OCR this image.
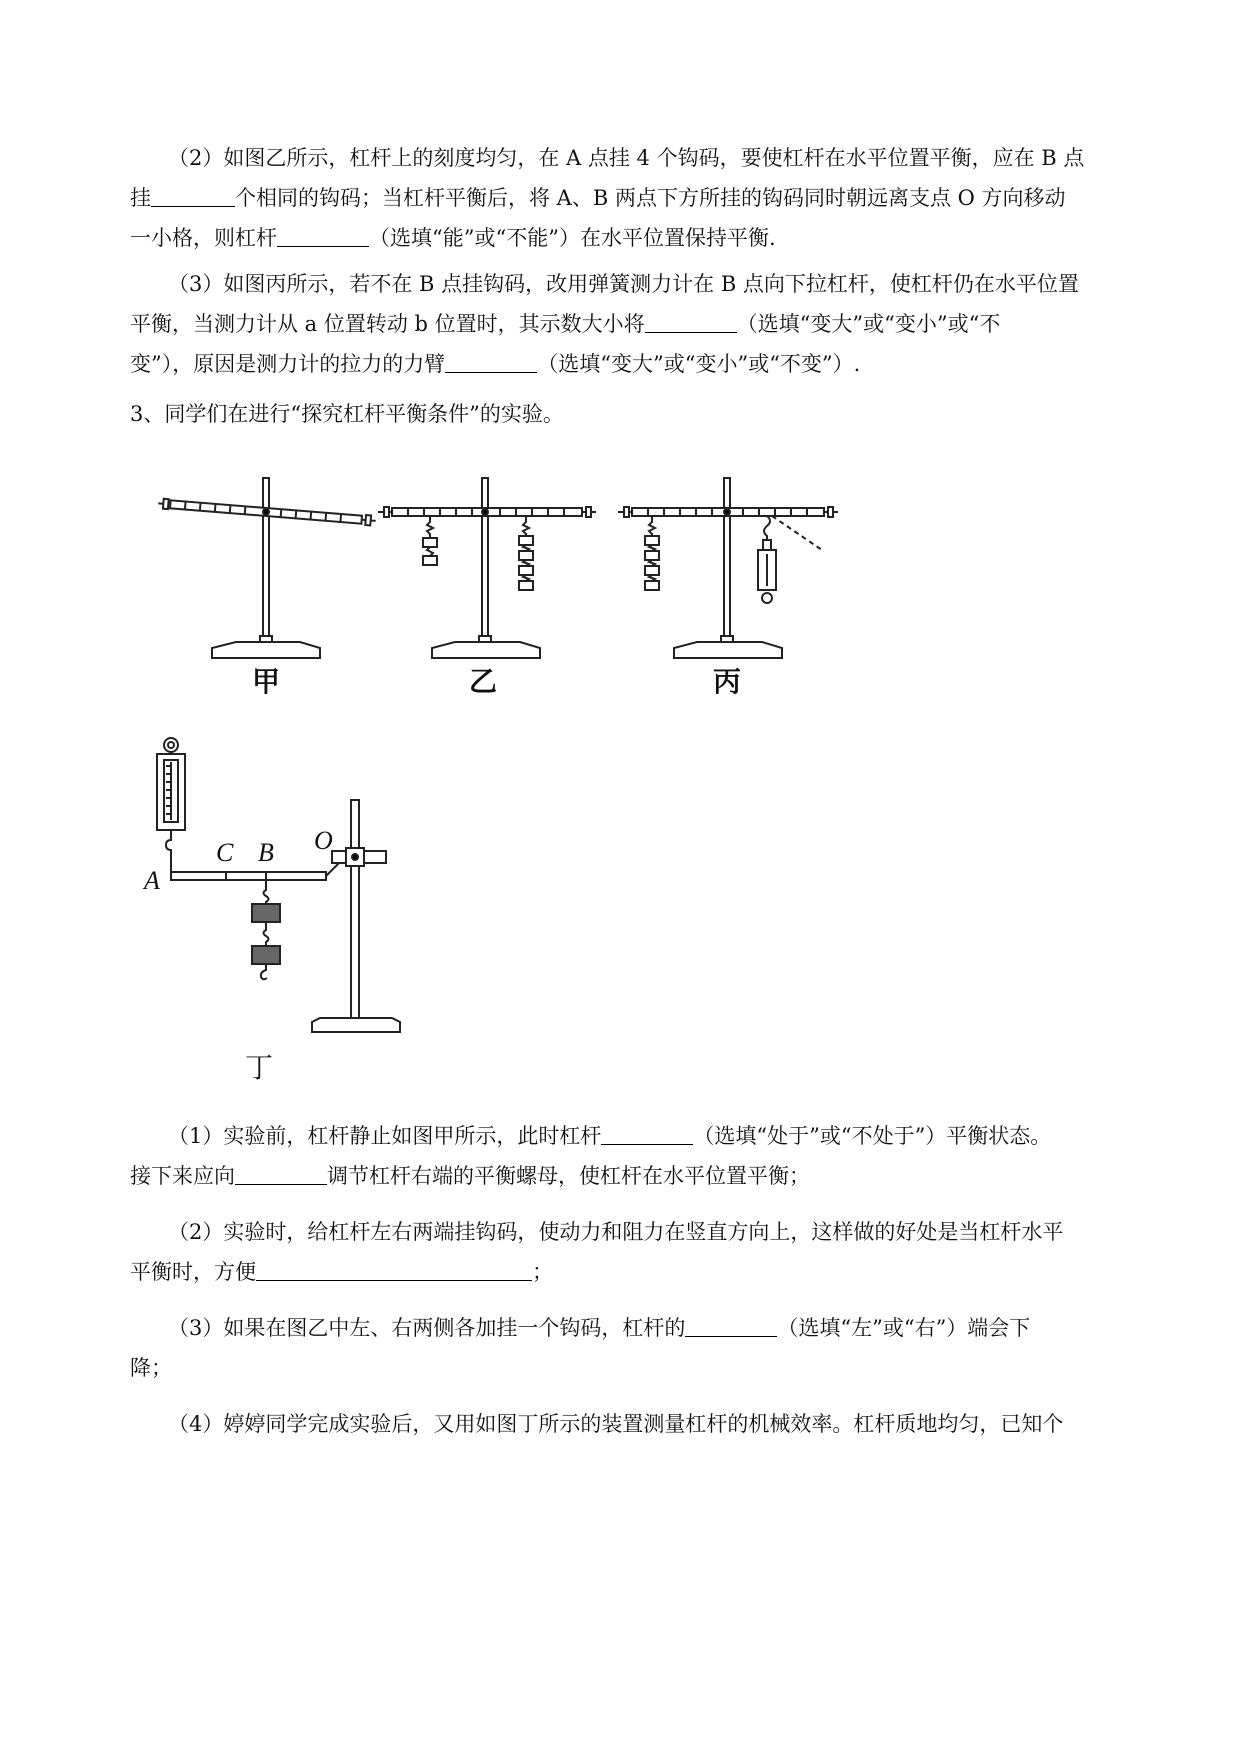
（2）如图乙所示，杠杆上的刻度均匀，在 A 点挂 4 个钩码，要使杠杆在水平位置平衡，应在 B 点
挂	个相同的钩码；当杠杆平衡后，将 A、B 两点下方所挂的钩码同时朝远离支点 O 方向移动
一小格，则杠杆	（选填“能”或“不能”）在水平位置保持平衡.
（3）如图丙所示，若不在 B 点挂钩码，改用弹簧测力计在 B 点向下拉杠杆，使杠杆仍在水平位置
平衡，当测力计从 a 位置转动 b 位置时，其示数大小将	（选填“变大”或“变小”或“不
变”），原因是测力计的拉力的力臂	（选填“变大”或“变小”或“不变”）.
3、同学们在进行“探究杠杆平衡条件”的实验。
甲	乙	丙
丁
A
C B O
（1）实验前，杠杆静止如图甲所示，此时杠杆	（选填“处于”或“不处于”）平衡状态。
接下来应向	调节杠杆右端的平衡螺母，使杠杆在水平位置平衡；
（2）实验时，给杠杆左右两端挂钩码，使动力和阻力在竖直方向上，这样做的好处是当杠杆水平
平衡时，方便	；
（3）如果在图乙中左、右两侧各加挂一个钩码，杠杆的	（选填“左”或“右”）端会下
降；
（4）婷婷同学完成实验后，又用如图丁所示的装置测量杠杆的机械效率。杠杆质地均匀，已知个
